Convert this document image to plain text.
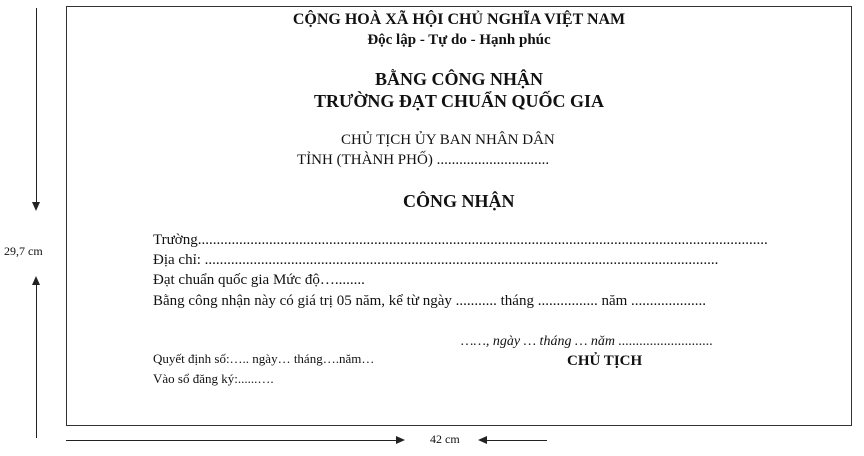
29,7 cm
42 cm
CỘNG HOÀ XÃ HỘI CHỦ NGHĨA VIỆT NAM
Độc lập - Tự do - Hạnh phúc
BẰNG CÔNG NHẬN
TRƯỜNG ĐẠT CHUẨN QUỐC GIA
CHỦ TỊCH ỦY BAN NHÂN DÂN
TỈNH (THÀNH PHỐ) ..............................
CÔNG NHẬN
Trường........................................................................................................................................................
Địa chỉ: .........................................................................................................................................
Đạt chuẩn quốc gia Mức độ…........
Bằng công nhận này có giá trị 05 năm, kể từ ngày ........... tháng ................ năm ....................
……, ngày … tháng … năm ...........................
CHỦ TỊCH
Quyết định số:….. ngày… tháng….năm…
Vào sổ đăng ký:......….
